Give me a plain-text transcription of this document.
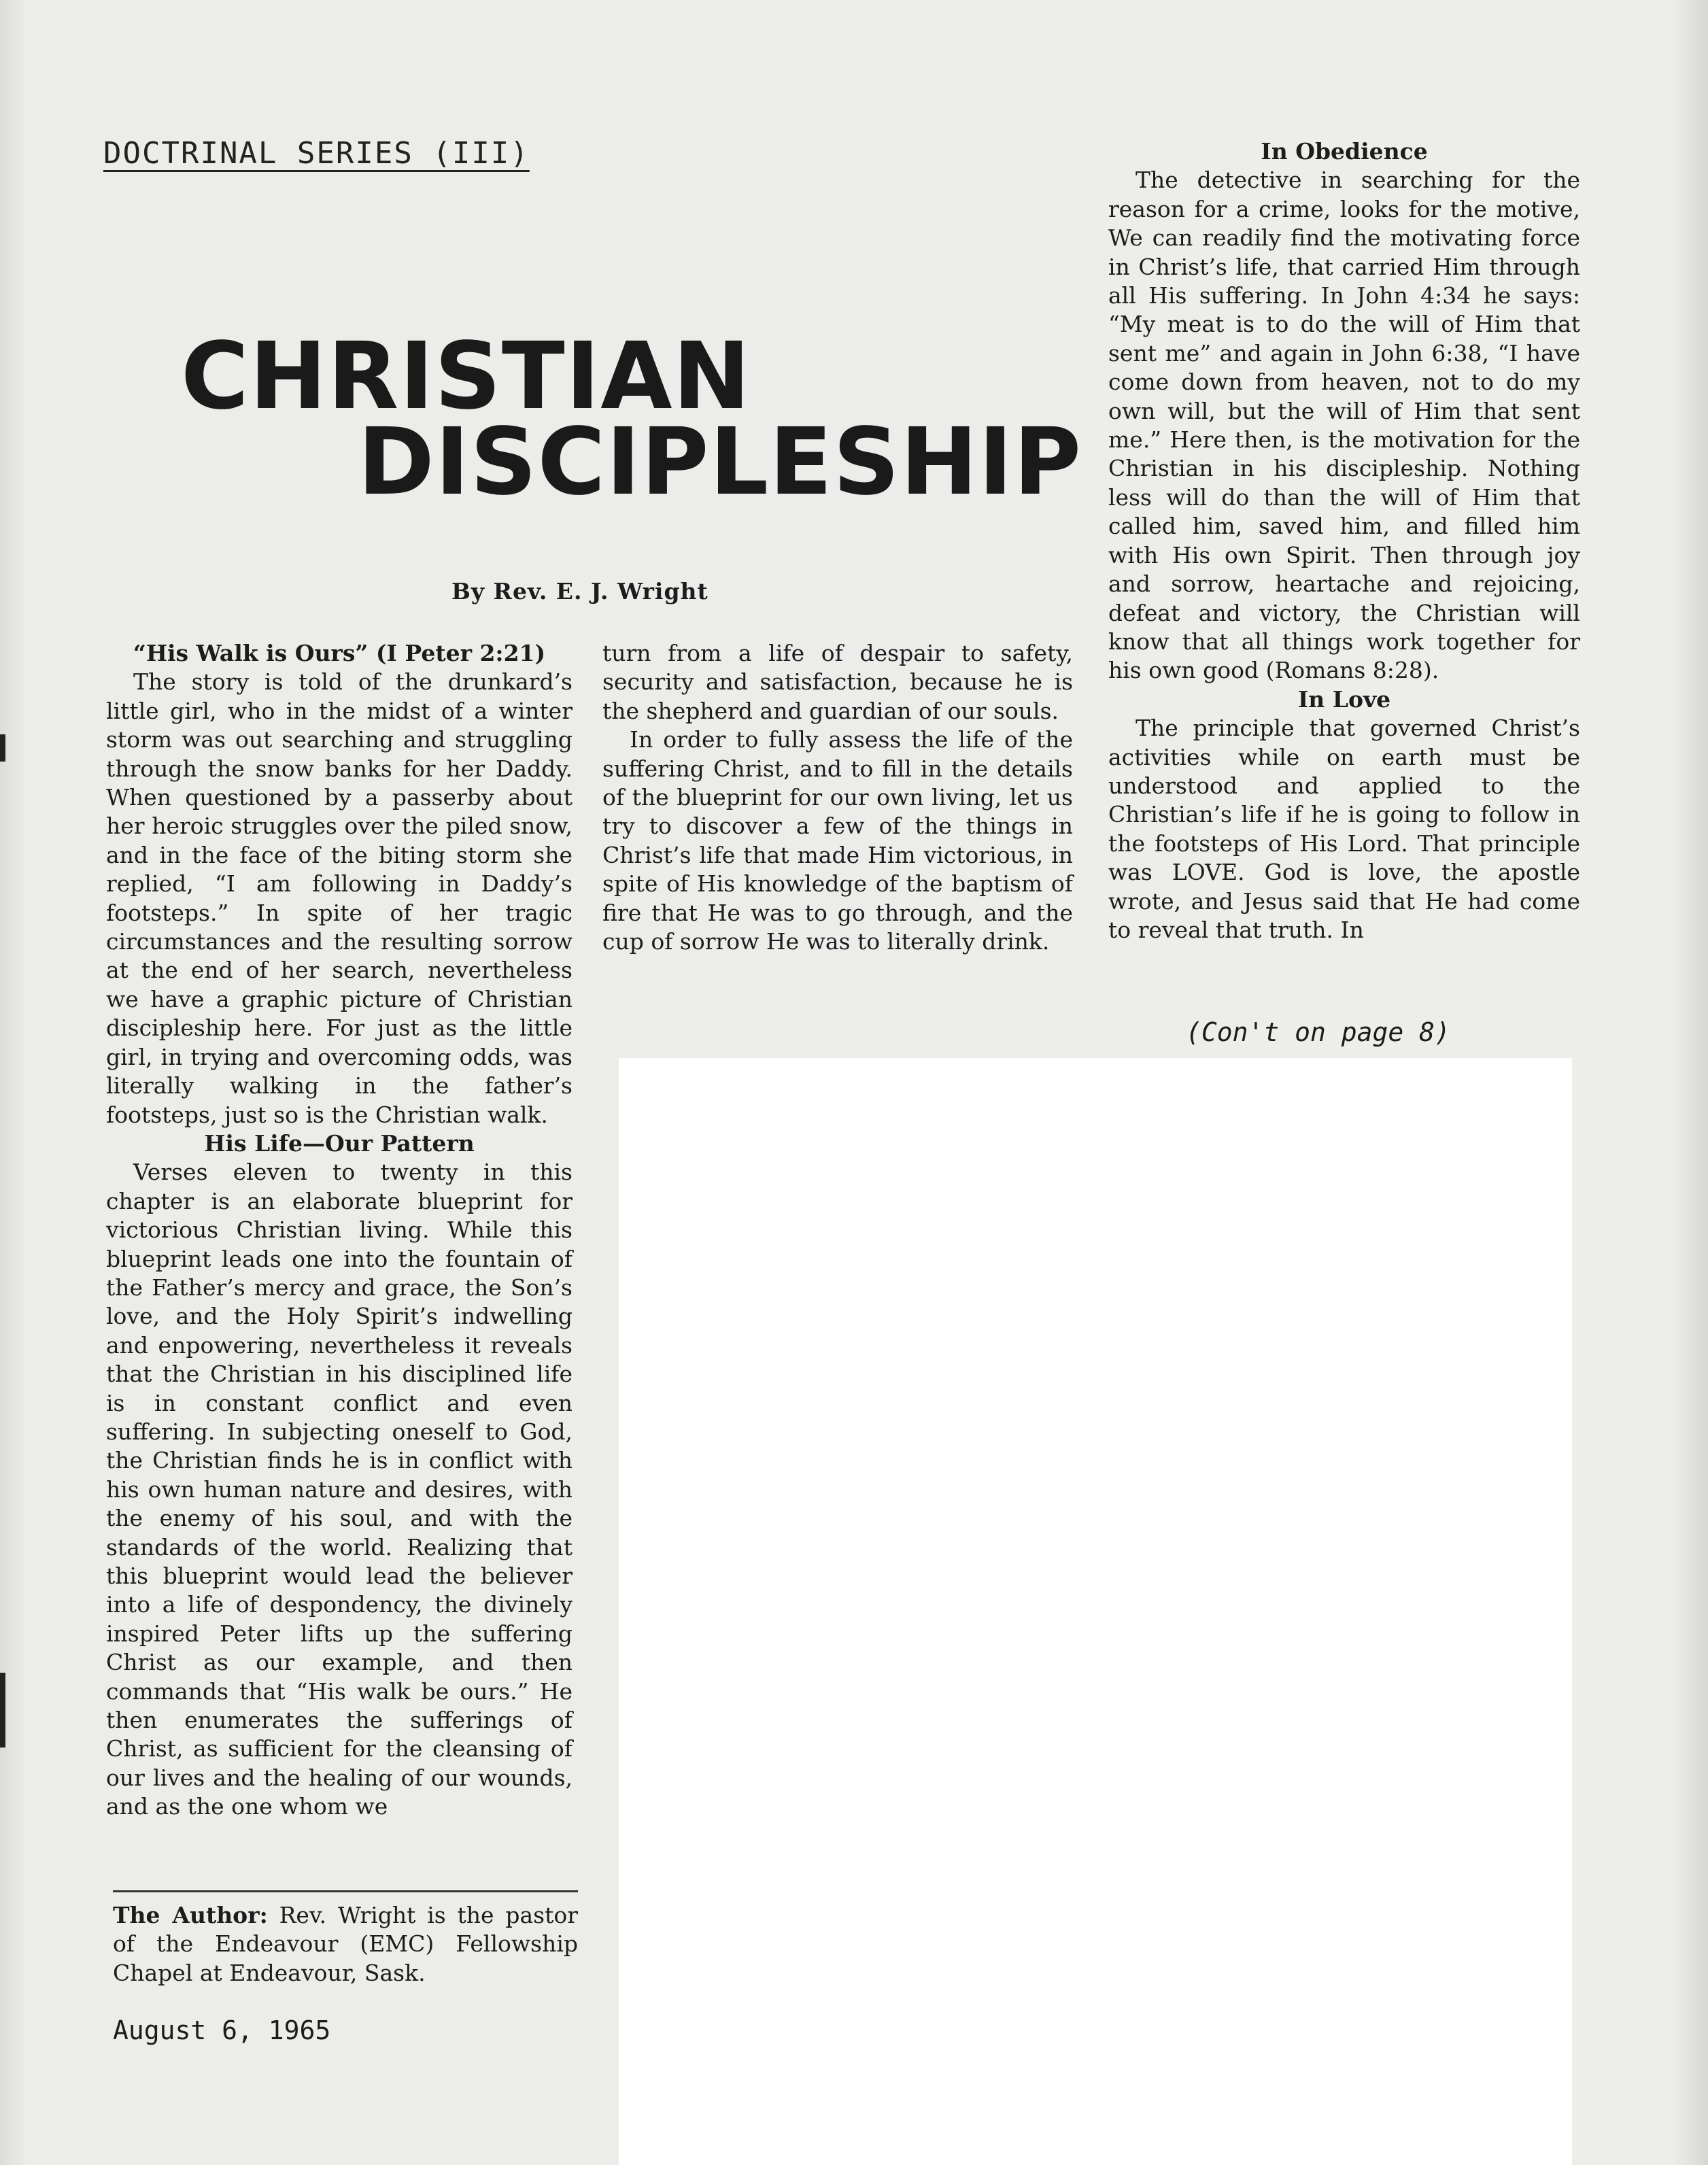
DOCTRINAL SERIES (III)
CHRISTIAN
DISCIPLESHIP
By Rev. E. J. Wright
“His Walk is Ours” (I Peter 2:21)

The story is told of the drunkard’s little girl, who in the midst of a winter storm was out searching and struggling through the snow banks for her Daddy. When questioned by a passerby about her heroic struggles over the piled snow, and in the face of the biting storm she replied, “I am following in Daddy’s footsteps.” In spite of her tragic circumstances and the resulting sorrow at the end of her search, nevertheless we have a graphic picture of Christian discipleship here. For just as the little girl, in trying and overcoming odds, was literally walking in the father’s footsteps, just so is the Christian walk.

His Life—Our Pattern

Verses eleven to twenty in this chapter is an elaborate blueprint for victorious Christian living. While this blueprint leads one into the fountain of the Father’s mercy and grace, the Son’s love, and the Holy Spirit’s indwelling and enpowering, nevertheless it reveals that the Christian in his disciplined life is in constant conflict and even suffering. In subjecting oneself to God, the Christian finds he is in conflict with his own human nature and desires, with the enemy of his soul, and with the standards of the world. Realizing that this blueprint would lead the believer into a life of despondency, the divinely inspired Peter lifts up the suffering Christ as our example, and then commands that “His walk be ours.” He then enumerates the sufferings of Christ, as sufficient for the cleansing of our lives and the healing of our wounds, and as the one whom we

turn from a life of despair to safety, security and satisfaction, because he is the shepherd and guardian of our souls.

In order to fully assess the life of the suffering Christ, and to fill in the details of the blueprint for our own living, let us try to discover a few of the things in Christ’s life that made Him victorious, in spite of His knowledge of the baptism of fire that He was to go through, and the cup of sorrow He was to literally drink.

In Obedience

The detective in searching for the reason for a crime, looks for the motive, We can readily find the motivating force in Christ’s life, that carried Him through all His suffering. In John 4:34 he says: “My meat is to do the will of Him that sent me” and again in John 6:38, “I have come down from heaven, not to do my own will, but the will of Him that sent me.” Here then, is the motivation for the Christian in his discipleship. Nothing less will do than the will of Him that called him, saved him, and filled him with His own Spirit. Then through joy and sorrow, heartache and rejoicing, defeat and victory, the Christian will know that all things work together for his own good (Romans 8:28).

In Love

The principle that governed Christ’s activities while on earth must be understood and applied to the Christian’s life if he is going to follow in the footsteps of His Lord. That principle was LOVE. God is love, the apostle wrote, and Jesus said that He had come to reveal that truth. In

(Con't on page 8)
The Author: Rev. Wright is the pastor of the Endeavour (EMC) Fellowship Chapel at Endeavour, Sask.
August 6, 1965
